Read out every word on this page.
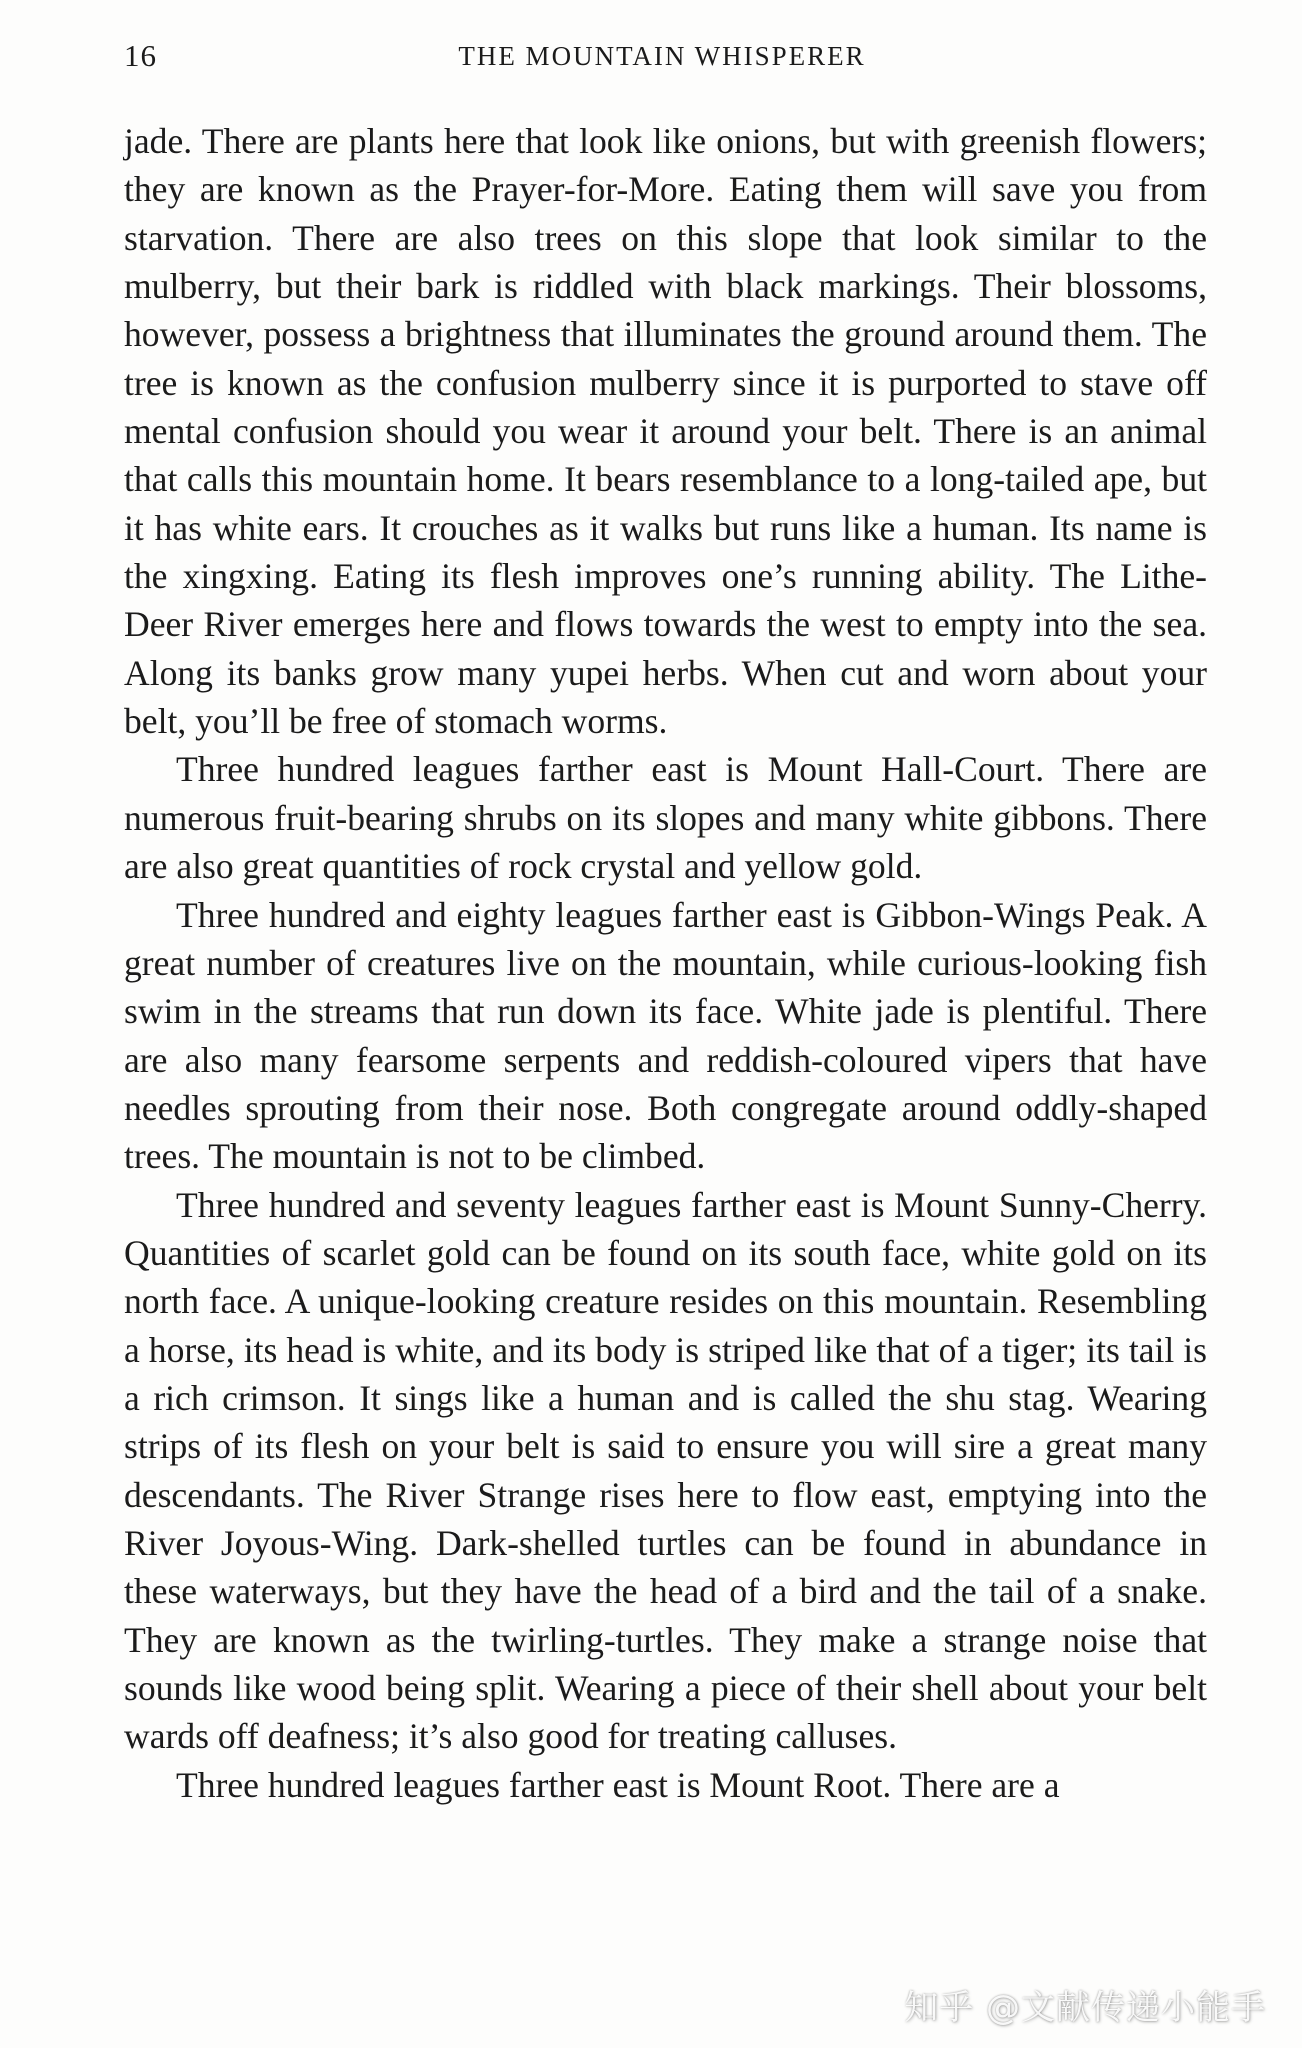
16	THE MOUNTAIN WHISPERER

jade. There are plants here that look like onions, but with greenish flowers; they are known as the Prayer-for-More. Eating them will save you from starvation. There are also trees on this slope that look similar to the mulberry, but their bark is riddled with black markings. Their blossoms, however, possess a brightness that illuminates the ground around them. The tree is known as the confusion mulberry since it is purported to stave off mental confusion should you wear it around your belt. There is an animal that calls this mountain home. It bears resemblance to a long-tailed ape, but it has white ears. It crouches as it walks but runs like a human. Its name is the xingxing. Eating its flesh improves one’s running ability. The Lithe-Deer River emerges here and flows towards the west to empty into the sea. Along its banks grow many yupei herbs. When cut and worn about your belt, you’ll be free of stomach worms.

Three hundred leagues farther east is Mount Hall-Court. There are numerous fruit-bearing shrubs on its slopes and many white gibbons. There are also great quantities of rock crystal and yellow gold.

Three hundred and eighty leagues farther east is Gibbon-Wings Peak. A great number of creatures live on the mountain, while curious-looking fish swim in the streams that run down its face. White jade is plentiful. There are also many fearsome serpents and reddish-coloured vipers that have needles sprouting from their nose. Both congregate around oddly-shaped trees. The mountain is not to be climbed.

Three hundred and seventy leagues farther east is Mount Sunny-Cherry. Quantities of scarlet gold can be found on its south face, white gold on its north face. A unique-looking creature resides on this mountain. Resembling a horse, its head is white, and its body is striped like that of a tiger; its tail is a rich crimson. It sings like a human and is called the shu stag. Wearing strips of its flesh on your belt is said to ensure you will sire a great many descendants. The River Strange rises here to flow east, emptying into the River Joyous-Wing. Dark-shelled turtles can be found in abundance in these waterways, but they have the head of a bird and the tail of a snake. They are known as the twirling-turtles. They make a strange noise that sounds like wood being split. Wearing a piece of their shell about your belt wards off deafness; it’s also good for treating calluses.

Three hundred leagues farther east is Mount Root. There are a

知乎 @文献传递小能手
